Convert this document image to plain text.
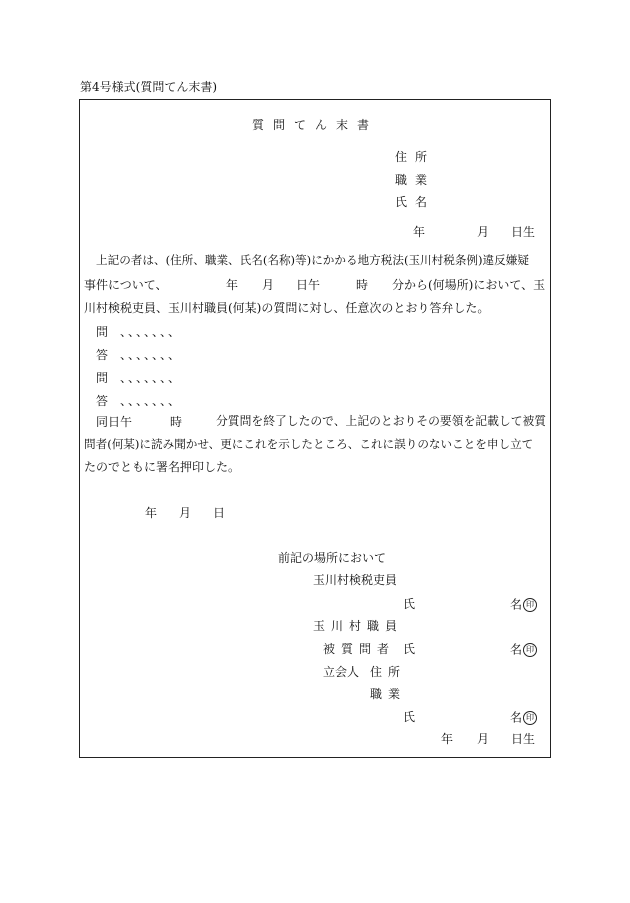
第4号様式(質問てん末書)
質問てん末書
住所
職業
氏名
年	月 日生
上記の者は、(住所、職業、氏名(名称)等)にかかる地方税法(玉川村税条例)違反嫌疑
事件について、	年 月 日午	時 分から(何場所)において、玉
川村検税吏員、玉川村職員(何某)の質問に対し、任意次のとおり答弁した。
問 、、、、、、、
答 、、、、、、、
問 、、、、、、、
答 、、、、、、、
同日午	時	分質問を終了したので、上記のとおりその要領を記載して被質
問者(何某)に読み聞かせ、更にこれを示したところ、これに誤りのないことを申し立て
たのでともに署名押印した。
年 月 日
前記の場所において
玉川村検税吏員
氏	名 印
玉川村職員
被質問者 氏	名 印
立会人 住所
職業
氏	名 印
年 月 日生
